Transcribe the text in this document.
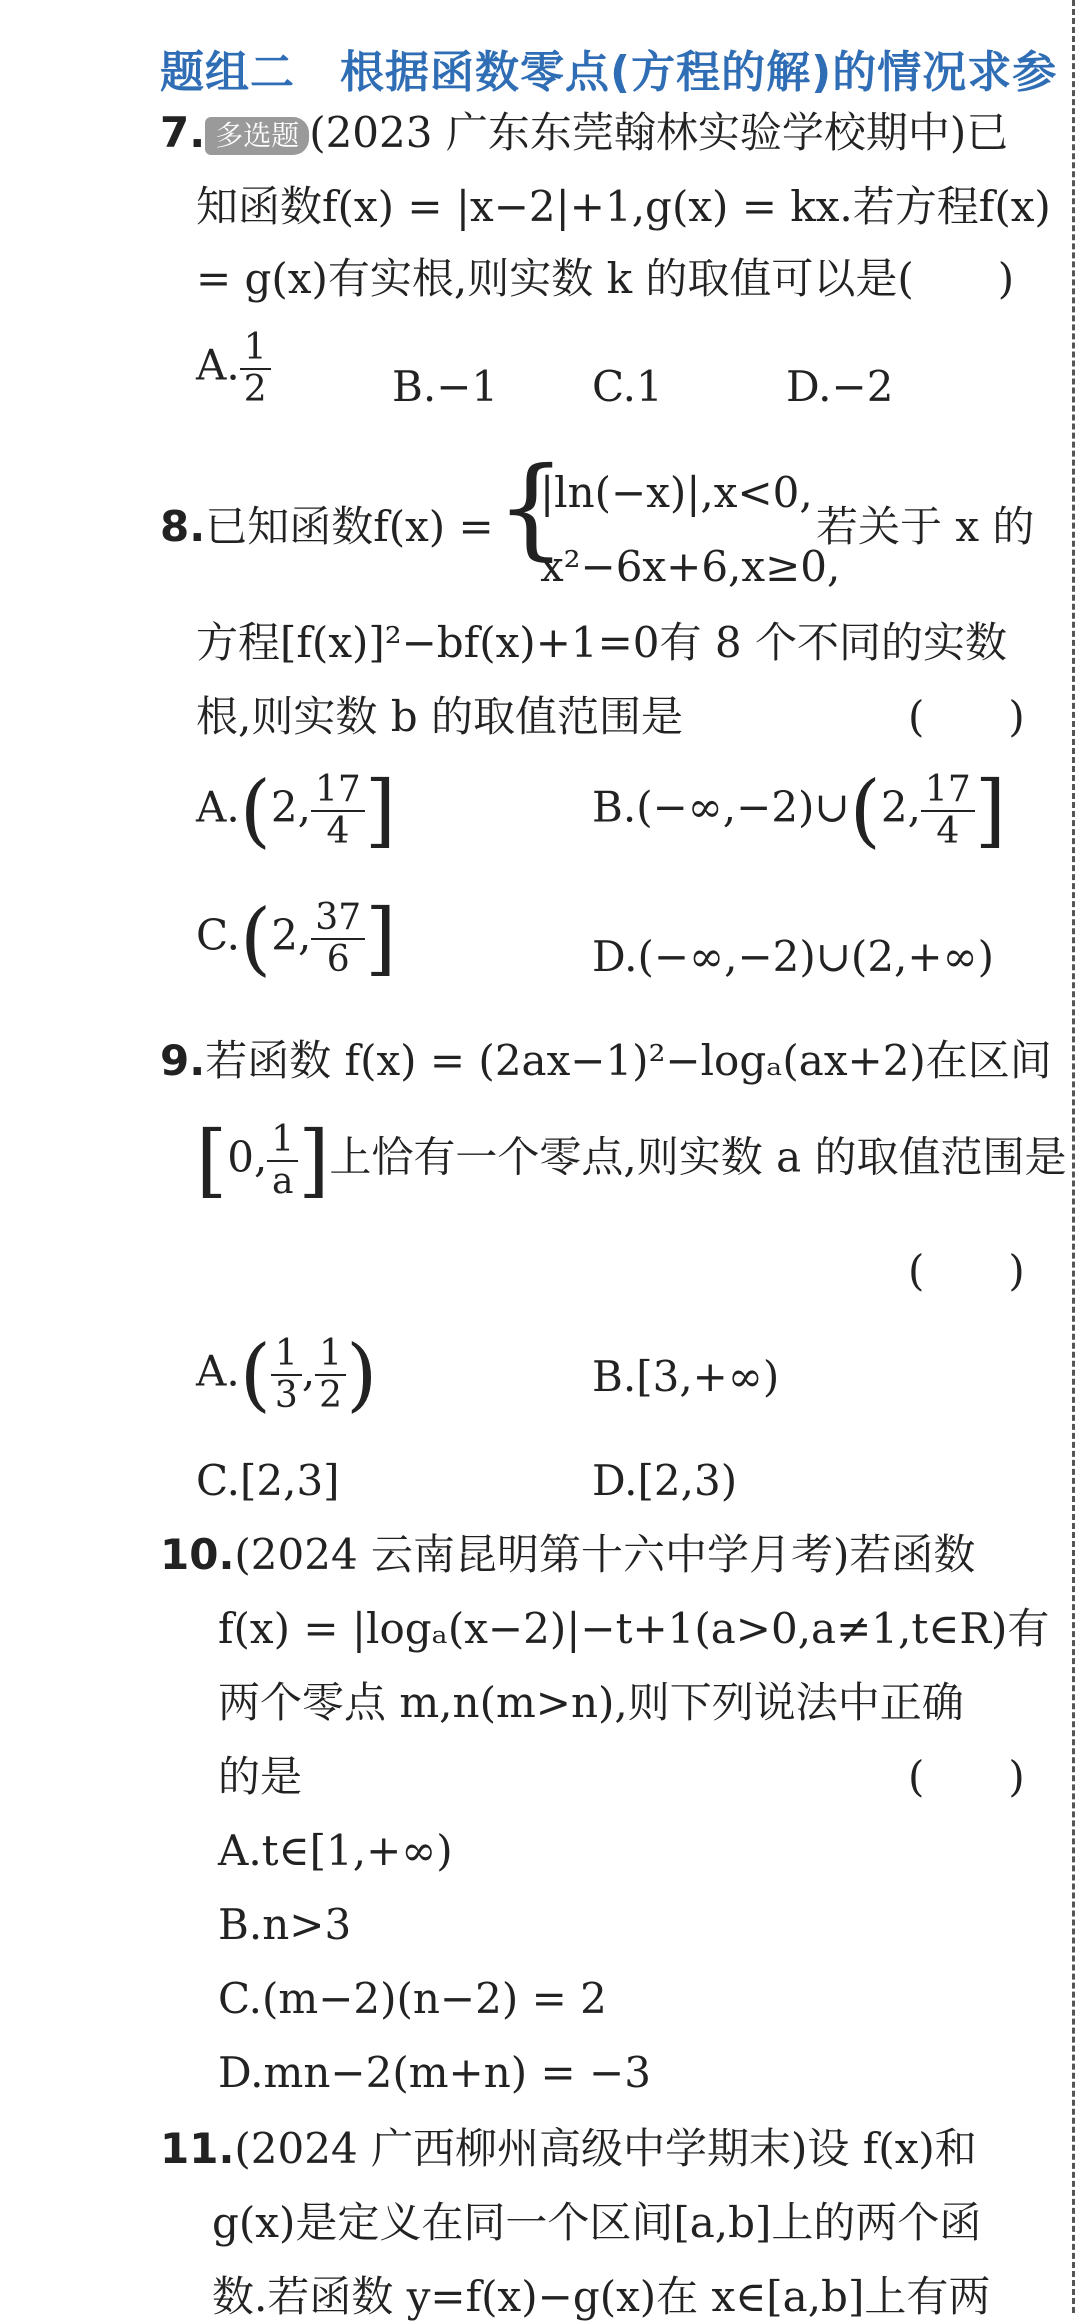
题组二　根据函数零点(方程的解)的情况求参
7. 多选题 (2023 广东东莞翰林实验学校期中)已
知函数f(x) = |x−2|+1,g(x) = kx.若方程f(x)
= g(x)有实根,则实数 k 的取值可以是(　　)
A. $\frac{1}{2}$	B.−1 C.1	D.−2
8.已知函数f(x) = {
|ln(−x)|,x<0,
x²−6x+6,x≥0,
若关于 x 的
方程[f(x)]²−bf(x)+1=0有 8 个不同的实数
根,则实数 b 的取值范围是	(　　)
A.(2, $\frac{17}{4}$ ]	B.(−∞,−2)∪(2, $\frac{17}{4}$ ]
C.(2, $\frac{37}{6}$ ]	D.(−∞,−2)∪(2,+∞)
9.若函数 f(x) = (2ax−1)²−logₐ(ax+2)在区间
[0, $\frac{1}{a}$ ]上恰有一个零点,则实数 a 的取值范围是
(　　)
$A.( \frac{1}{3}$ , $\frac{1}{2}$ )	B.[3,+∞)
C.[2,3]	D.[2,3)
10.(2024 云南昆明第十六中学月考)若函数
f(x) = |logₐ(x−2)|−t+1(a>0,a≠1,t∈R)有
两个零点 m,n(m>n),则下列说法中正确
的是	(　　)
A.t∈[1,+∞)
B.n>3
C.(m−2)(n−2) = 2
D.mn−2(m+n) = −3
11.(2024 广西柳州高级中学期末)设 f(x)和
g(x)是定义在同一个区间[a,b]上的两个函
数.若函数 y=f(x)−g(x)在 x∈[a,b]上有两
